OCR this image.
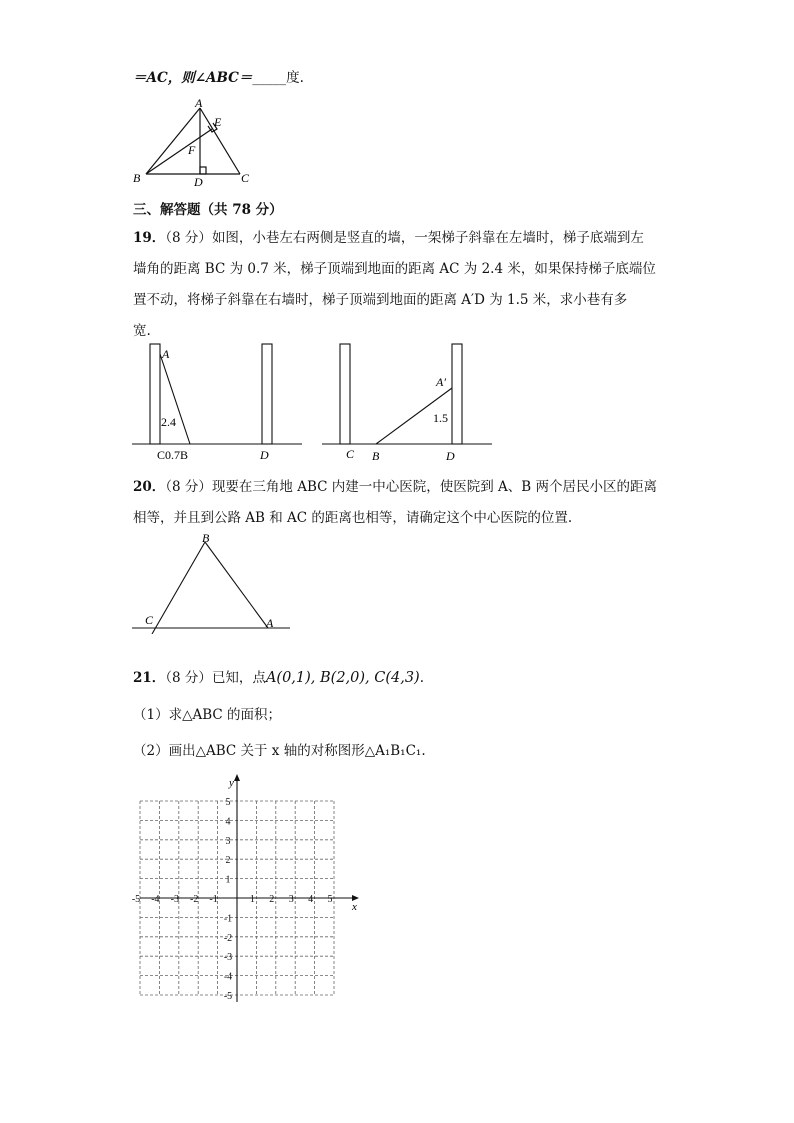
＝AC，则∠ABC＝_____度.
A
B	C
D
E
F
三、解答题（共 78 分）
19．（8 分）如图，小巷左右两侧是竖直的墙，一架梯子斜靠在左墙时，梯子底端到左
墙角的距离 BC 为 0.7 米，梯子顶端到地面的距离 AC 为 2.4 米，如果保持梯子底端位
置不动，将梯子斜靠在右墙时，梯子顶端到地面的距离 A′D 为 1.5 米，求小巷有多
宽.
A
2.4
C0.7B	D
A′
1.5
C B	D
20．（8 分）现要在三角地 ABC 内建一中心医院，使医院到 A、B 两个居民小区的距离
相等，并且到公路 AB 和 AC 的距离也相等，请确定这个中心医院的位置.
B
C	A
21．（8 分）已知，点A(0,1), B(2,0), C(4,3).
（1）求△ABC 的面积；
（2）画出△ABC 关于 x 轴的对称图形△A₁B₁C₁.
x
y
-5 -4 -3 -2 -1	1 2 3 4 5
5
4
3
2
1
-1
-2
-3
-4
-5
